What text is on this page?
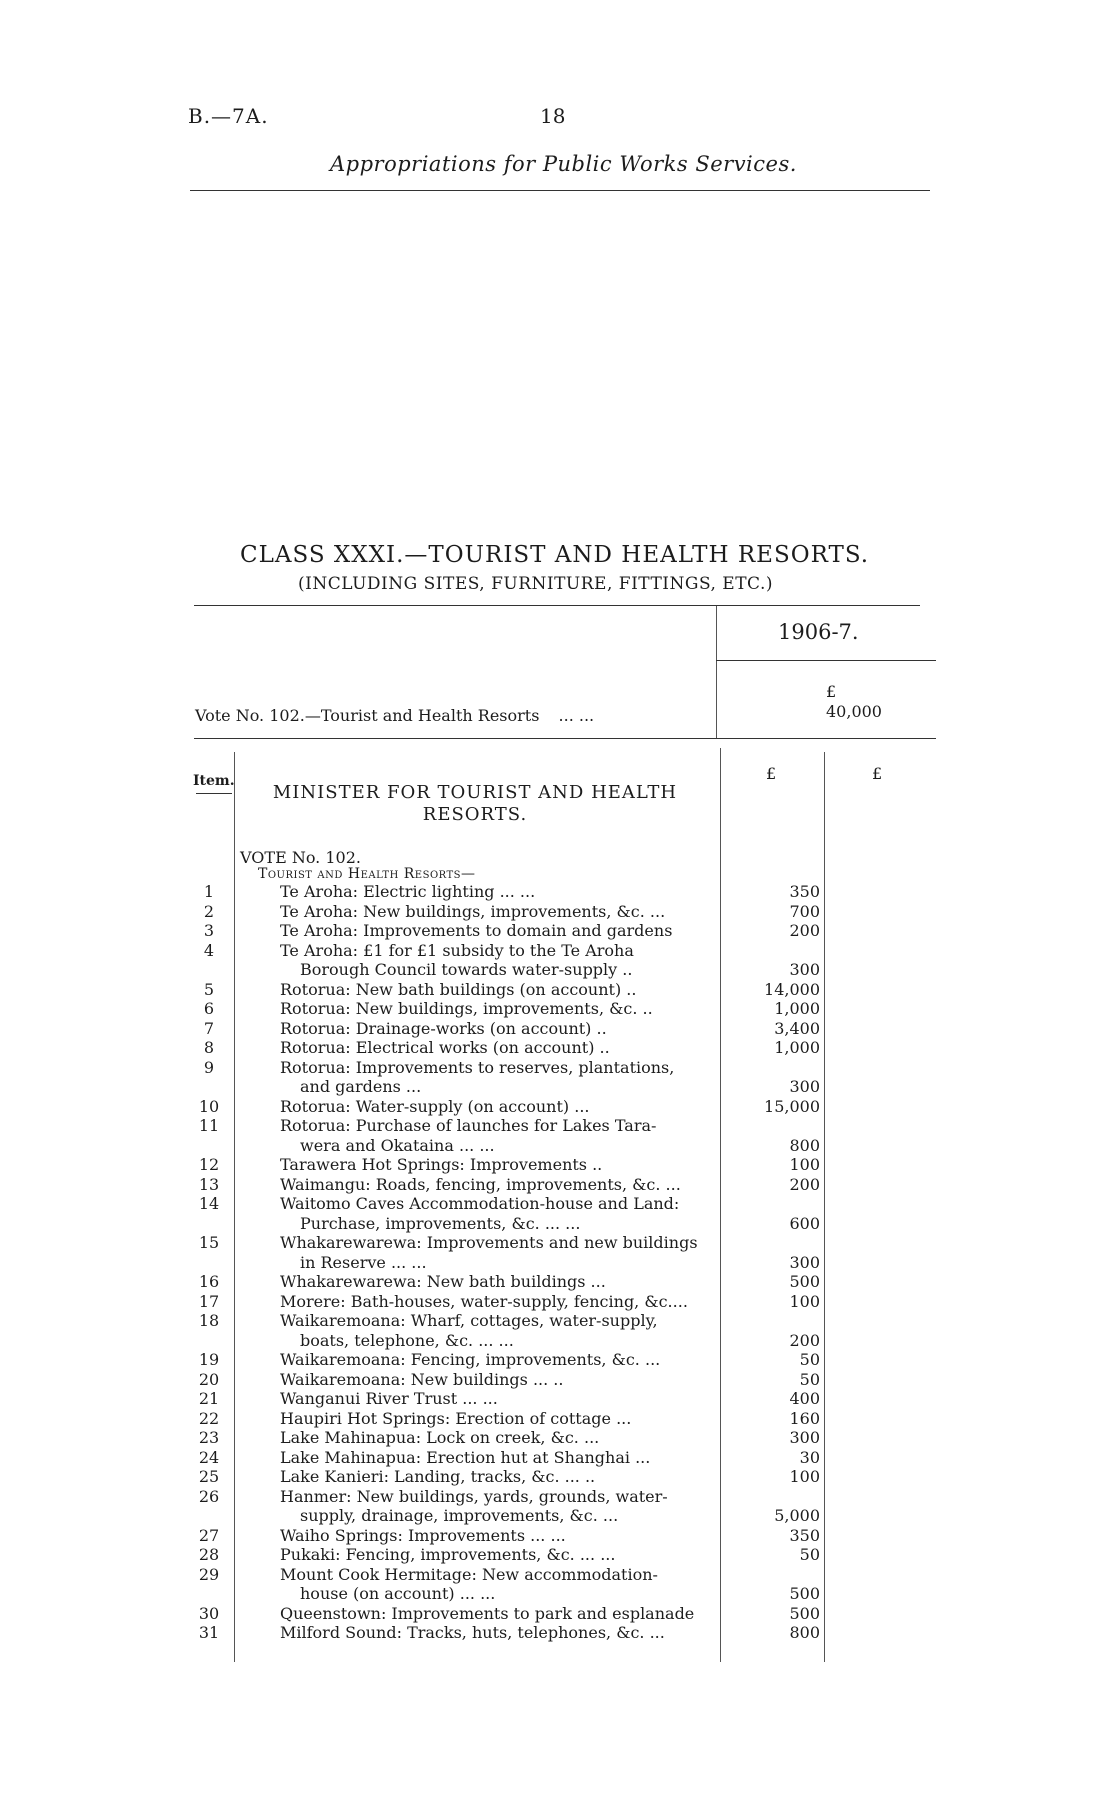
B.—7A.	18
Appropriations for Public Works Services.
CLASS XXXI.—TOURIST AND HEALTH RESORTS.
(INCLUDING SITES, FURNITURE, FITTINGS, ETC.)
1906-7.
£
Vote No. 102.—Tourist and Health Resorts ... ...	40,000
Item.	£	£
MINISTER FOR TOURIST AND HEALTH RESORTS.
VOTE No. 102.
Tourist and Health Resorts—
1	Te Aroha: Electric lighting ... ...	350
2	Te Aroha: New buildings, improvements, &c. ...	700
3	Te Aroha: Improvements to domain and gardens	200
4	Te Aroha: £1 for £1 subsidy to the Te Aroha
Borough Council towards water-supply ..	300
5	Rotorua: New bath buildings (on account) ..	14,000
6	Rotorua: New buildings, improvements, &c. ..	1,000
7	Rotorua: Drainage-works (on account) ..	3,400
8	Rotorua: Electrical works (on account) ..	1,000
9	Rotorua: Improvements to reserves, plantations,
and gardens ...	300
10	Rotorua: Water-supply (on account) ...	15,000
11	Rotorua: Purchase of launches for Lakes Tara-
wera and Okataina ... ...	800
12	Tarawera Hot Springs: Improvements ..	100
13	Waimangu: Roads, fencing, improvements, &c. ...	200
14	Waitomo Caves Accommodation-house and Land:
Purchase, improvements, &c. ... ...	600
15	Whakarewarewa: Improvements and new buildings
in Reserve ... ...	300
16	Whakarewarewa: New bath buildings ...	500
17	Morere: Bath-houses, water-supply, fencing, &c....	100
18	Waikaremoana: Wharf, cottages, water-supply,
boats, telephone, &c. ... ...	200
19	Waikaremoana: Fencing, improvements, &c. ...	50
20	Waikaremoana: New buildings ... ..	50
21	Wanganui River Trust ... ...	400
22	Haupiri Hot Springs: Erection of cottage ...	160
23	Lake Mahinapua: Lock on creek, &c. ...	300
24	Lake Mahinapua: Erection hut at Shanghai ...	30
25	Lake Kanieri: Landing, tracks, &c. ... ..	100
26	Hanmer: New buildings, yards, grounds, water-
supply, drainage, improvements, &c. ...	5,000
27	Waiho Springs: Improvements ... ...	350
28	Pukaki: Fencing, improvements, &c. ... ...	50
29	Mount Cook Hermitage: New accommodation-
house (on account) ... ...	500
30	Queenstown: Improvements to park and esplanade	500
31	Milford Sound: Tracks, huts, telephones, &c. ...	800
